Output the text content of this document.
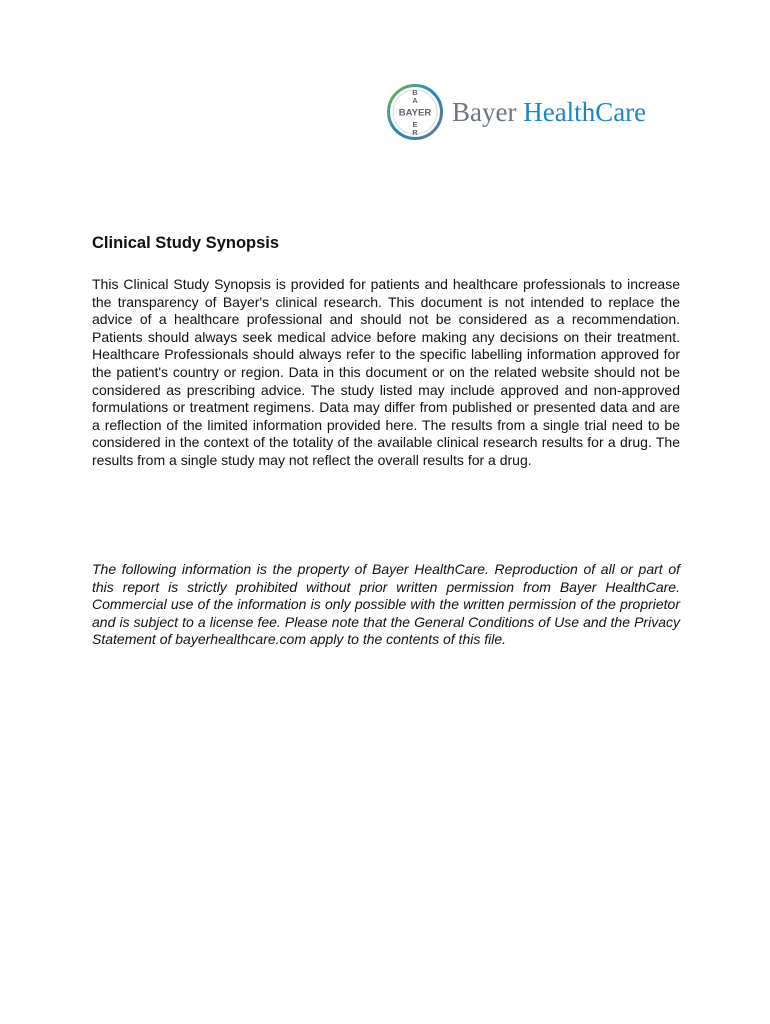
BAYER
B
A
E
R
Bayer HealthCare
Clinical Study Synopsis

This Clinical Study Synopsis is provided for patients and healthcare professionals to increase the transparency of Bayer's clinical research. This document is not intended to replace the advice of a healthcare professional and should not be considered as a recommendation. Patients should always seek medical advice before making any decisions on their treatment. Healthcare Professionals should always refer to the specific labelling information approved for the patient's country or region. Data in this document or on the related website should not be considered as prescribing advice. The study listed may include approved and non-approved formulations or treatment regimens. Data may differ from published or presented data and are a reflection of the limited information provided here. The results from a single trial need to be considered in the context of the totality of the available clinical research results for a drug. The results from a single study may not reflect the overall results for a drug.

The following information is the property of Bayer HealthCare. Reproduction of all or part of this report is strictly prohibited without prior written permission from Bayer HealthCare. Commercial use of the information is only possible with the written permission of the proprietor and is subject to a license fee. Please note that the General Conditions of Use and the Privacy Statement of bayerhealthcare.com apply to the contents of this file.
